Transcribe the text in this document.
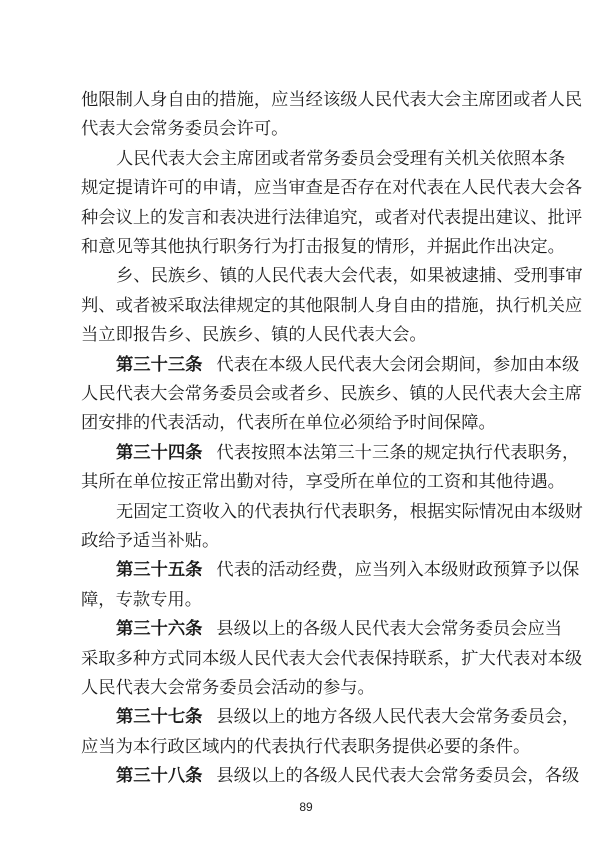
他限制人身自由的措施，应当经该级人民代表大会主席团或者人民
代表大会常务委员会许可。
人民代表大会主席团或者常务委员会受理有关机关依照本条
规定提请许可的申请，应当审查是否存在对代表在人民代表大会各
种会议上的发言和表决进行法律追究，或者对代表提出建议、批评
和意见等其他执行职务行为打击报复的情形，并据此作出决定。
乡、民族乡、镇的人民代表大会代表，如果被逮捕、受刑事审
判、或者被采取法律规定的其他限制人身自由的措施，执行机关应
当立即报告乡、民族乡、镇的人民代表大会。
第三十三条 代表在本级人民代表大会闭会期间，参加由本级
人民代表大会常务委员会或者乡、民族乡、镇的人民代表大会主席
团安排的代表活动，代表所在单位必须给予时间保障。
第三十四条 代表按照本法第三十三条的规定执行代表职务，
其所在单位按正常出勤对待，享受所在单位的工资和其他待遇。
无固定工资收入的代表执行代表职务，根据实际情况由本级财
政给予适当补贴。
第三十五条 代表的活动经费，应当列入本级财政预算予以保
障，专款专用。
第三十六条 县级以上的各级人民代表大会常务委员会应当
采取多种方式同本级人民代表大会代表保持联系，扩大代表对本级
人民代表大会常务委员会活动的参与。
第三十七条 县级以上的地方各级人民代表大会常务委员会，
应当为本行政区域内的代表执行代表职务提供必要的条件。
第三十八条 县级以上的各级人民代表大会常务委员会，各级
89
